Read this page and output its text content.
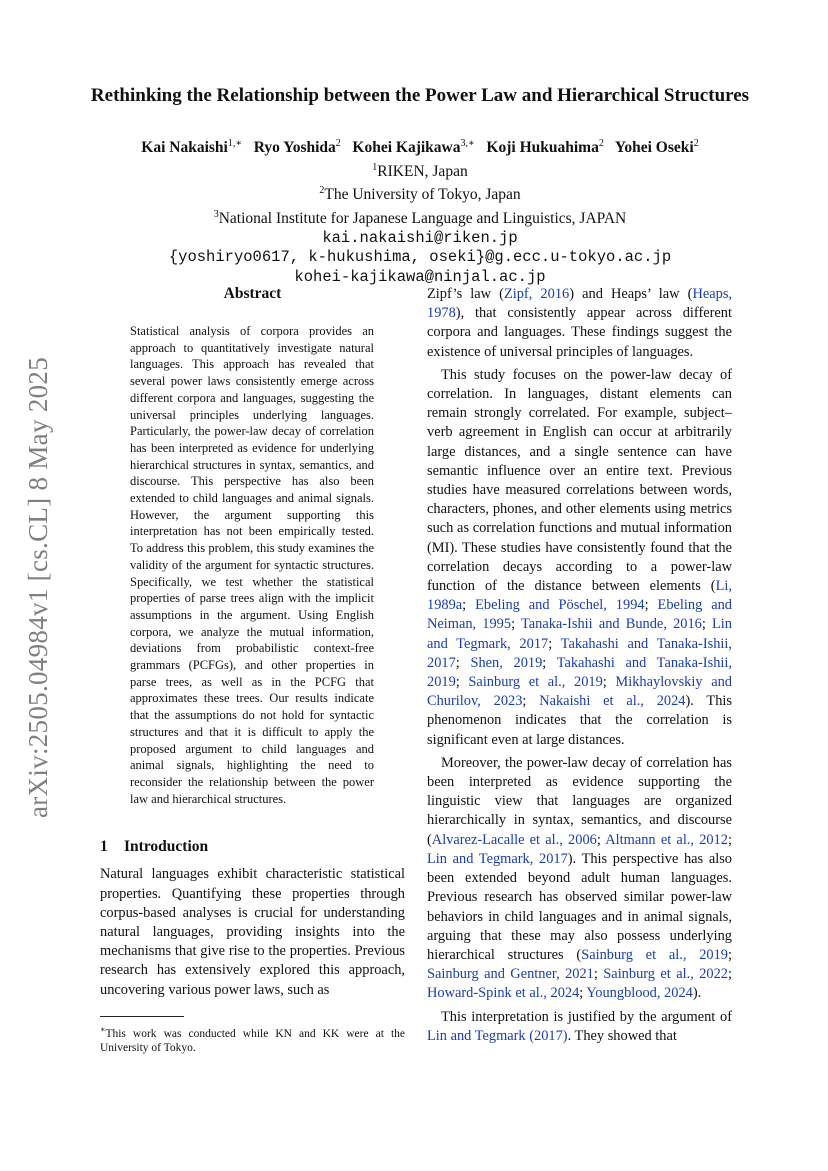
arXiv:2505.04984v1 [cs.CL] 8 May 2025
Rethinking the Relationship between the Power Law and Hierarchical Structures
Kai Nakaishi$^{1,∗}$ Ryo Yoshida$^2$ Kohei Kajikawa$^{3,∗}$ Koji Hukuahima$^2$ Yohei Oseki$^2$
$^1$RIKEN, Japan
$^2$The University of Tokyo, Japan
$^3$National Institute for Japanese Language and Linguistics, JAPAN
kai.nakaishi@riken.jp
{yoshiryo0617, k-hukushima, oseki}@g.ecc.u-tokyo.ac.jp
kohei-kajikawa@ninjal.ac.jp
Abstract

Statistical analysis of corpora provides an approach to quantitatively investigate natural languages. This approach has revealed that several power laws consistently emerge across different corpora and languages, suggesting the universal principles underlying languages. Particularly, the power-law decay of correlation has been interpreted as evidence for underlying hierarchical structures in syntax, semantics, and discourse. This perspective has also been extended to child languages and animal signals. However, the argument supporting this interpretation has not been empirically tested. To address this problem, this study examines the validity of the argument for syntactic structures. Specifically, we test whether the statistical properties of parse trees align with the implicit assumptions in the argument. Using English corpora, we analyze the mutual information, deviations from probabilistic context-free grammars (PCFGs), and other properties in parse trees, as well as in the PCFG that approximates these trees. Our results indicate that the assumptions do not hold for syntactic structures and that it is difficult to apply the proposed argument to child languages and animal signals, highlighting the need to reconsider the relationship between the power law and hierarchical structures.

1 Introduction

Natural languages exhibit characteristic statistical properties. Quantifying these properties through corpus-based analyses is crucial for understanding natural languages, providing insights into the mechanisms that give rise to the properties. Previous research has extensively explored this approach, uncovering various power laws, such as

∗This work was conducted while KN and KK were at the University of Tokyo.

Zipf’s law (Zipf, 2016) and Heaps’ law (Heaps, 1978), that consistently appear across different corpora and languages. These findings suggest the existence of universal principles of languages.

This study focuses on the power-law decay of correlation. In languages, distant elements can remain strongly correlated. For example, subject–verb agreement in English can occur at arbitrarily large distances, and a single sentence can have semantic influence over an entire text. Previous studies have measured correlations between words, characters, phones, and other elements using metrics such as correlation functions and mutual information (MI). These studies have consistently found that the correlation decays according to a power-law function of the distance between elements (Li, 1989a; Ebeling and Pöschel, 1994; Ebeling and Neiman, 1995; Tanaka-Ishii and Bunde, 2016; Lin and Tegmark, 2017; Takahashi and Tanaka-Ishii, 2017; Shen, 2019; Takahashi and Tanaka-Ishii, 2019; Sainburg et al., 2019; Mikhaylovskiy and Churilov, 2023; Nakaishi et al., 2024). This phenomenon indicates that the correlation is significant even at large distances.

Moreover, the power-law decay of correlation has been interpreted as evidence supporting the linguistic view that languages are organized hierarchically in syntax, semantics, and discourse (Alvarez-Lacalle et al., 2006; Altmann et al., 2012; Lin and Tegmark, 2017). This perspective has also been extended beyond adult human languages. Previous research has observed similar power-law behaviors in child languages and in animal signals, arguing that these may also possess underlying hierarchical structures (Sainburg et al., 2019; Sainburg and Gentner, 2021; Sainburg et al., 2022; Howard-Spink et al., 2024; Youngblood, 2024).

This interpretation is justified by the argument of Lin and Tegmark (2017). They showed that
